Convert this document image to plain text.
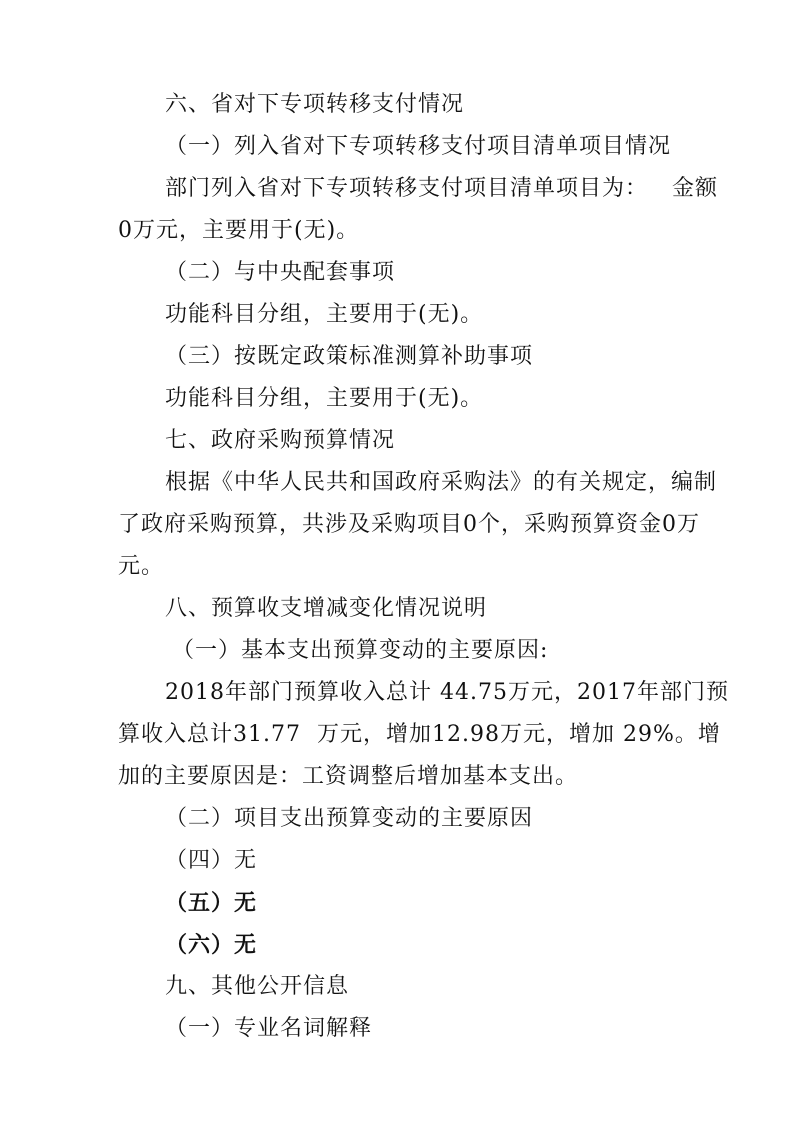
六、省对下专项转移支付情况
（一）列入省对下专项转移支付项目清单项目情况
部门列入省对下专项转移支付项目清单项目为：   金额
0万元，主要用于(无)。
（二）与中央配套事项
功能科目分组，主要用于(无)。
（三）按既定政策标准测算补助事项
功能科目分组，主要用于(无)。
七、政府采购预算情况
根据《中华人民共和国政府采购法》的有关规定，编制
了政府采购预算，共涉及采购项目0个，采购预算资金0万
元。
八、预算收支增减变化情况说明
（一）基本支出预算变动的主要原因:
2018年部门预算收入总计 44.75万元，2017年部门预
算收入总计31.77  万元，增加12.98万元，增加 29%。增
加的主要原因是：工资调整后增加基本支出。
（二）项目支出预算变动的主要原因
（四）无
（五）无
（六）无
九、其他公开信息
（一）专业名词解释
